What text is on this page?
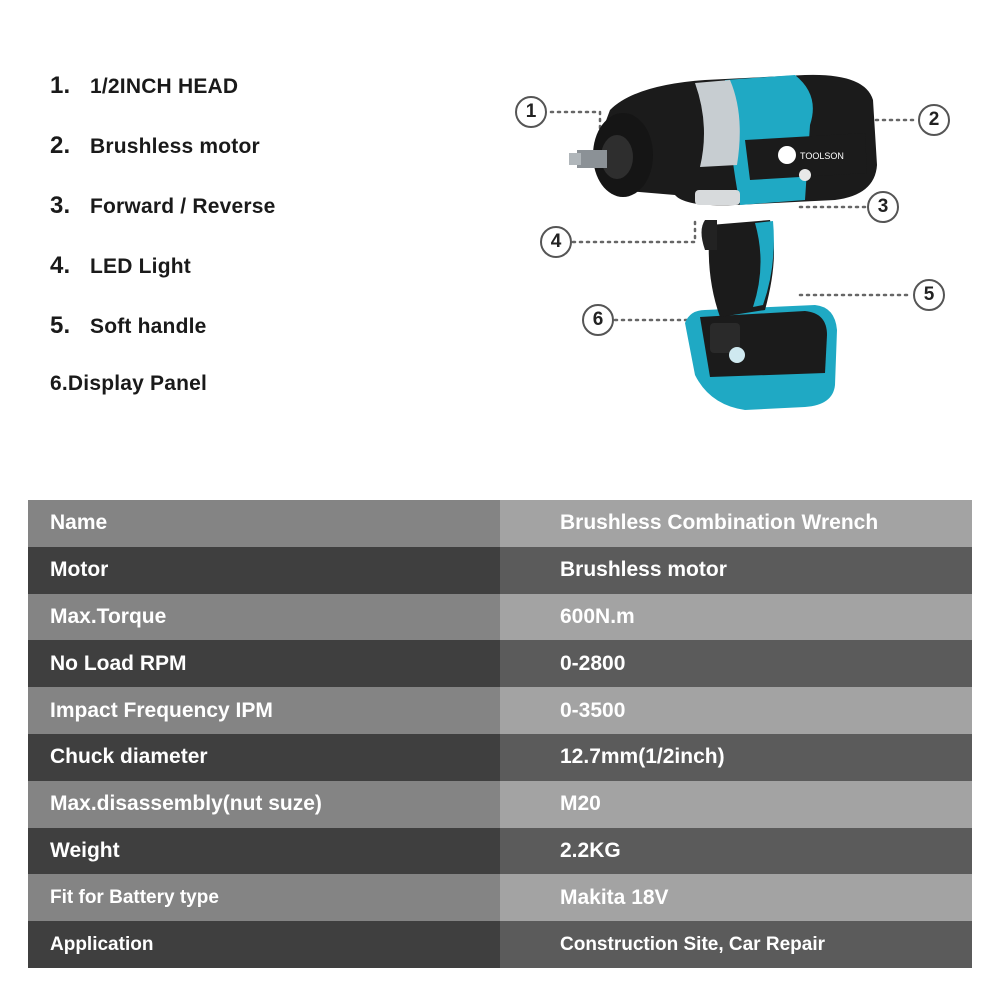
1. 1/2INCH HEAD
2. Brushless motor
3. Forward / Reverse
4. LED Light
5. Soft handle
6.Display Panel
TOOLSON
1	2
3
4
5
6
Name	Brushless Combination Wrench
Motor	Brushless motor
Max.Torque	600N.m
No Load RPM	0-2800
Impact Frequency IPM	0-3500
Chuck diameter	12.7mm(1/2inch)
Max.disassembly(nut suze)	M20
Weight	2.2KG
Fit for Battery type	Makita 18V
Application	Construction Site, Car Repair
